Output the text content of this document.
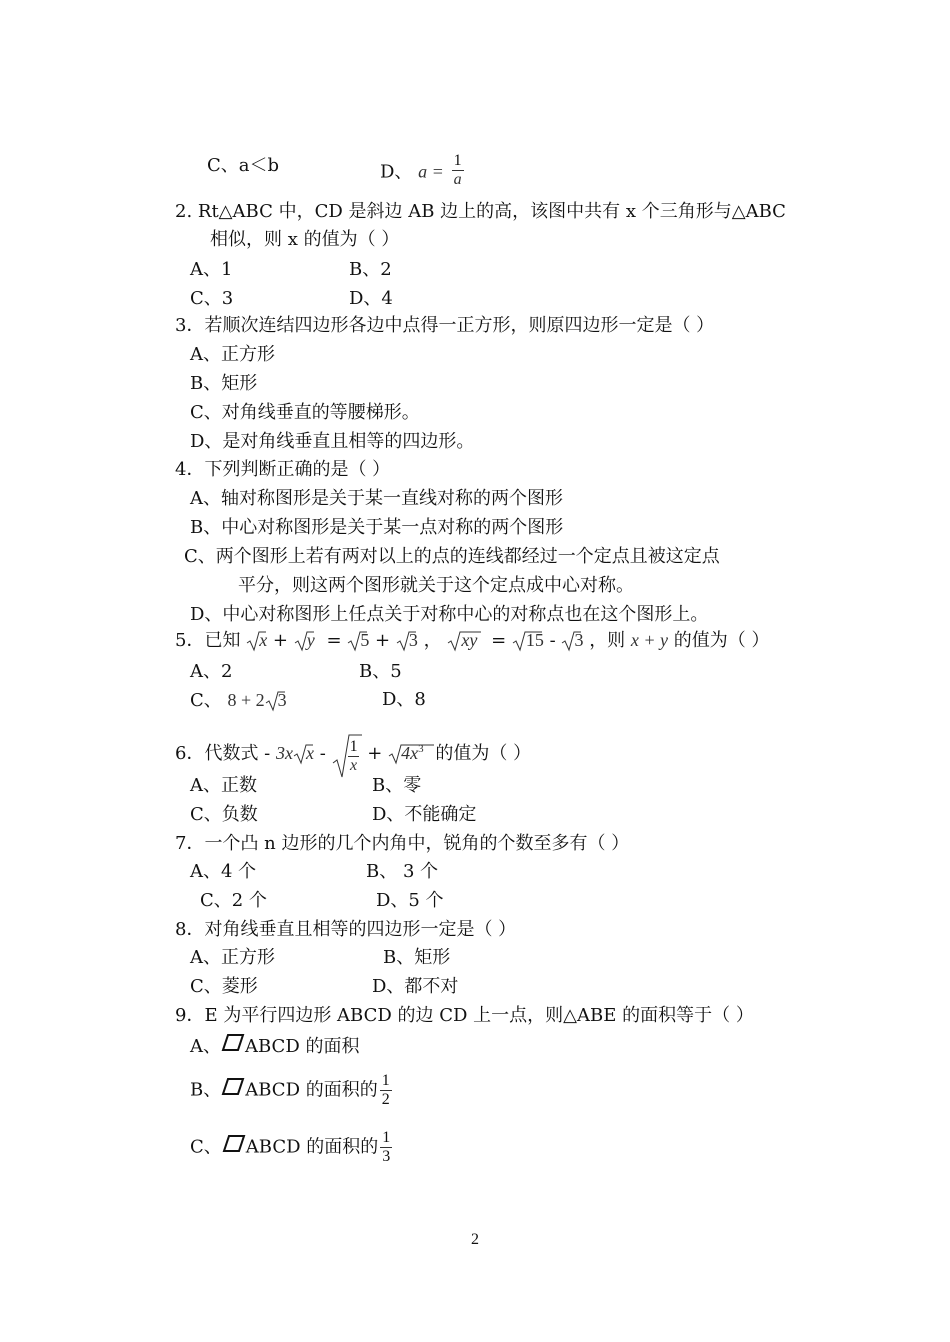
C、a＜b	D、 $a = \frac{1}{a}$
2. Rt△ABC 中，CD 是斜边 AB 边上的高，该图中共有 x 个三角形与△ABC
相似，则 x 的值为（ ）
A、1	B、2
C、3	D、4
3．若顺次连结四边形各边中点得一正方形，则原四边形一定是（ ）
A、正方形
B、矩形
C、对角线垂直的等腰梯形。
D、是对角线垂直且相等的四边形。
4．下列判断正确的是（ ）
A、轴对称图形是关于某一直线对称的两个图形
B、中心对称图形是关于某一点对称的两个图形
C、两个图形上若有两对以上的点的连线都经过一个定点且被这定点
平分，则这两个图形就关于这个定点成中心对称。
D、中心对称图形上任点关于对称中心的对称点也在这个图形上。
5．已知 x + y = 5 + 3 ， xy = 15 - 3 ，则 x + y 的值为（ ）
A、2	B、5
C、 8 + 2 3	D、8
6．代数式 - 3x $x - \frac{1}{x} + 4x^3$ 的值为（ ）
A、正数	B、零
C、负数	D、不能确定
7．一个凸 n 边形的几个内角中，锐角的个数至多有（ ）
A、4 个	B、 3 个
C、2 个	D、5 个
8．对角线垂直且相等的四边形一定是（ ）
A、正方形	B、矩形
C、菱形	D、都不对
9．E 为平行四边形 ABCD 的边 CD 上一点，则△ABE 的面积等于（ ）
A、 ABCD 的面积
B、 ABCD 的面积的 $\frac{1}{2}$
C、 ABCD 的面积的 $\frac{1}{3}$
2
